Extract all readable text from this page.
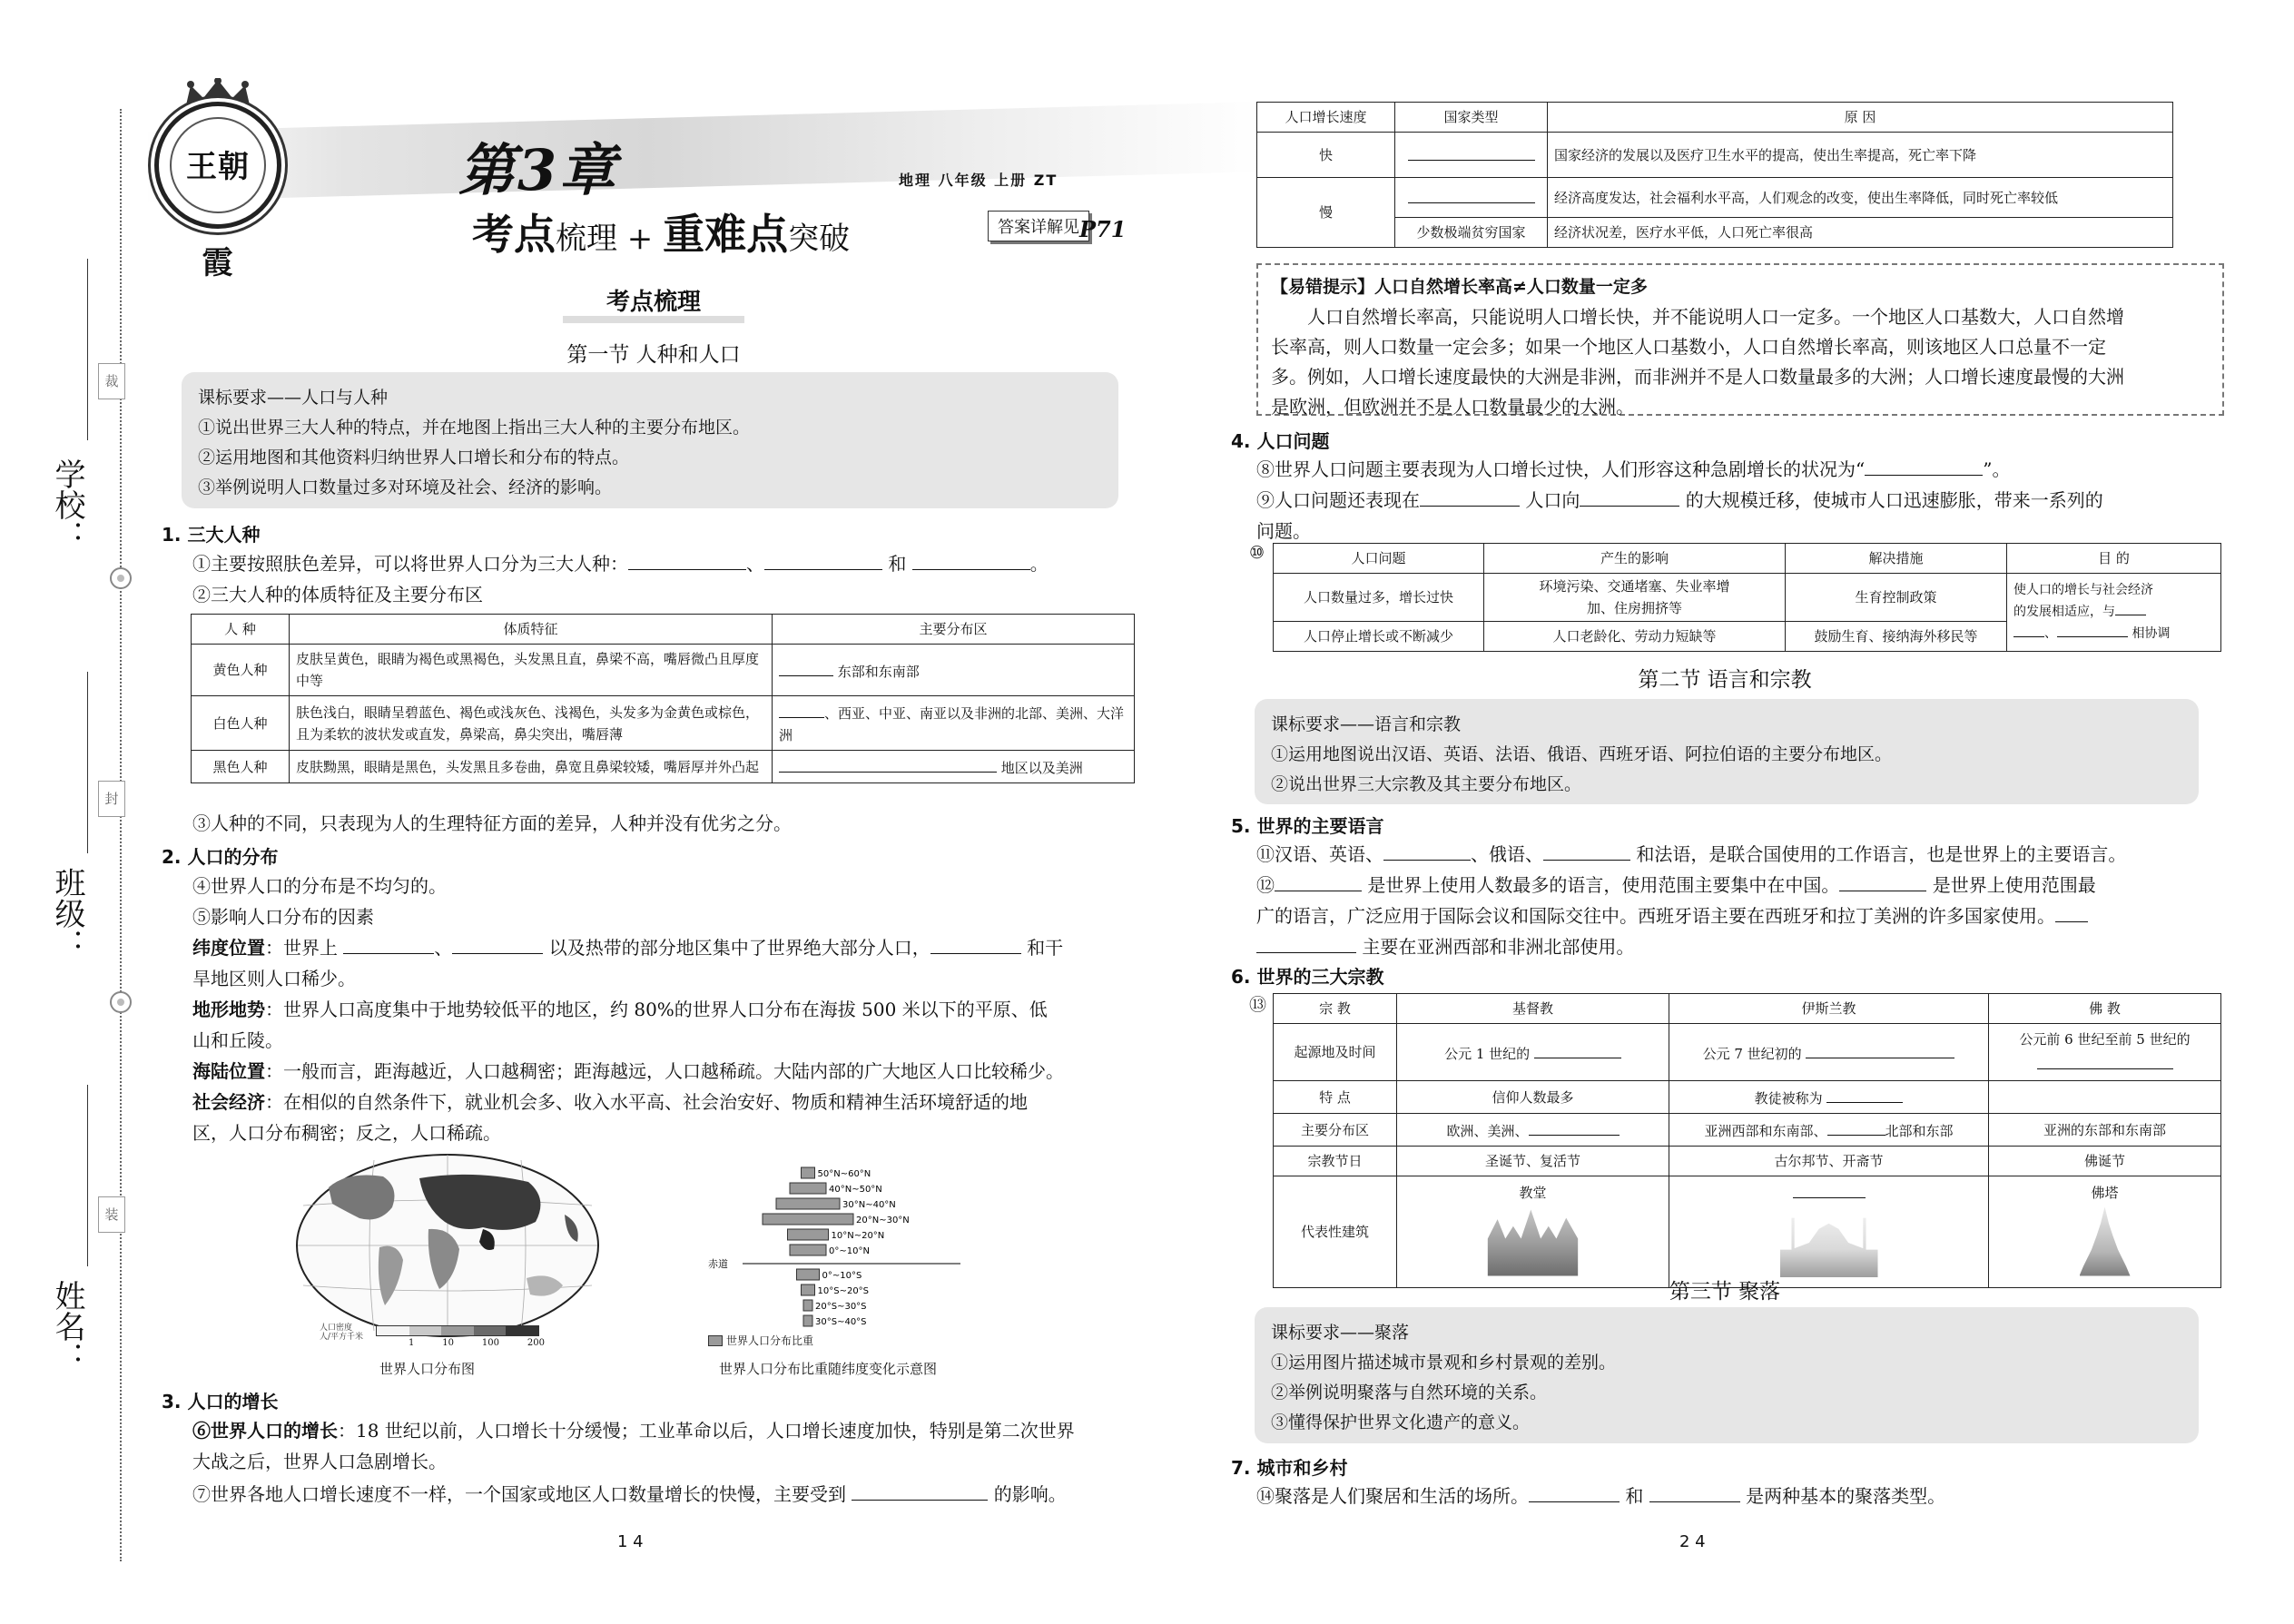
裁
封
装
学校：
班级：
姓名：
王朝霞
第3章
考点梳理 + 重难点突破
地理 八年级 上册 ZT
答案详解见 P71
考点梳理
第一节 人种和人口
课标要求——人口与人种
①说出世界三大人种的特点，并在地图上指出三大人种的主要分布地区。
②运用地图和其他资料归纳世界人口增长和分布的特点。
③举例说明人口数量过多对环境及社会、经济的影响。
1. 三大人种
①主要按照肤色差异，可以将世界人口分为三大人种：	、	和	。
②三大人种的体质特征及主要分布区
人 种	体质特征	主要分布区
黄色人种	皮肤呈黄色，眼睛为褐色或黑褐色，头发黑且直，鼻梁不高，嘴唇微凸且厚度中等	东部和东南部
白色人种	肤色浅白，眼睛呈碧蓝色、褐色或浅灰色、浅褐色，头发多为金黄色或棕色，且为柔软的波状发或直发，鼻梁高，鼻尖突出，嘴唇薄	、西亚、中亚、南亚以及非洲的北部、美洲、大洋洲
黑色人种	皮肤黝黑，眼睛是黑色，头发黑且多卷曲，鼻宽且鼻梁较矮，嘴唇厚并外凸起	地区以及美洲
③人种的不同，只表现为人的生理特征方面的差异，人种并没有优劣之分。
2. 人口的分布
④世界人口的分布是不均匀的。
⑤影响人口分布的因素
纬度位置：世界上	、	以及热带的部分地区集中了世界绝大部分人口，	和干
旱地区则人口稀少。
地形地势：世界人口高度集中于地势较低平的地区，约 80%的世界人口分布在海拔 500 米以下的平原、低
山和丘陵。
海陆位置：一般而言，距海越近，人口越稠密；距海越远，人口越稀疏。大陆内部的广大地区人口比较稀少。
社会经济：在相似的自然条件下，就业机会多、收入水平高、社会治安好、物质和精神生活环境舒适的地
区，人口分布稠密；反之，人口稀疏。
人口密度
人/平方千米
1	10	100	200
世界人口分布图
50°N~60°N
40°N~50°N
30°N~40°N
20°N~30°N
10°N~20°N
0°~10°N
0°~10°S
10°S~20°S
20°S~30°S
30°S~40°S
赤道
世界人口分布比重
世界人口分布比重随纬度变化示意图
3. 人口的增长
⑥世界人口的增长：18 世纪以前，人口增长十分缓慢；工业革命以后，人口增长速度加快，特别是第二次世界
大战之后，世界人口急剧增长。
⑦世界各地人口增长速度不一样，一个国家或地区人口数量增长的快慢，主要受到	的影响。
1 4
人口增长速度	国家类型	原 因
快		国家经济的发展以及医疗卫生水平的提高，使出生率提高，死亡率下降
慢		经济高度发达，社会福利水平高，人们观念的改变，使出生率降低，同时死亡率较低
	少数极端贫穷国家	经济状况差，医疗水平低，人口死亡率很高
【易错提示】人口自然增长率高≠人口数量一定多
人口自然增长率高，只能说明人口增长快，并不能说明人口一定多。一个地区人口基数大，人口自然增
长率高，则人口数量一定会多；如果一个地区人口基数小，人口自然增长率高，则该地区人口总量不一定
多。例如，人口增长速度最快的大洲是非洲，而非洲并不是人口数量最多的大洲；人口增长速度最慢的大洲
是欧洲，但欧洲并不是人口数量最少的大洲。
4. 人口问题
⑧世界人口问题主要表现为人口增长过快，人们形容这种急剧增长的状况为“	”。
⑨人口问题还表现在	人口向	的大规模迁移，使城市人口迅速膨胀，带来一系列的
问题。
⑩	人口问题	产生的影响	解决措施	目 的
人口数量过多，增长过快	环境污染、交通堵塞、失业率增加、住房拥挤等	生育控制政策	使人口的增长与社会经济
的发展相适应，与
、 相协调
人口停止增长或不断减少	人口老龄化、劳动力短缺等	鼓励生育、接纳海外移民等	
第二节 语言和宗教
课标要求——语言和宗教
①运用地图说出汉语、英语、法语、俄语、西班牙语、阿拉伯语的主要分布地区。
②说出世界三大宗教及其主要分布地区。
5. 世界的主要语言
⑪汉语、英语、	、俄语、	和法语，是联合国使用的工作语言，也是世界上的主要语言。
⑫	是世界上使用人数最多的语言，使用范围主要集中在中国。	是世界上使用范围最
广的语言，广泛应用于国际会议和国际交往中。西班牙语主要在西班牙和拉丁美洲的许多国家使用。
主要在亚洲西部和非洲北部使用。
6. 世界的三大宗教
⑬	宗 教	基督教	伊斯兰教	佛 教
起源地及时间	公元 1 世纪的	公元 7 世纪初的	公元前 6 世纪至前 5 世纪的

特 点	信仰人数最多	教徒被称为	
主要分布区	欧洲、美洲、	亚洲西部和东南部、 北部和东部	亚洲的东部和东南部
宗教节日	圣诞节、复活节	古尔邦节、开斋节	佛诞节
代表性建筑	教堂		佛塔
第三节 聚落
课标要求——聚落
①运用图片描述城市景观和乡村景观的差别。
②举例说明聚落与自然环境的关系。
③懂得保护世界文化遗产的意义。
7. 城市和乡村
⑭聚落是人们聚居和生活的场所。	和	是两种基本的聚落类型。
2 4
